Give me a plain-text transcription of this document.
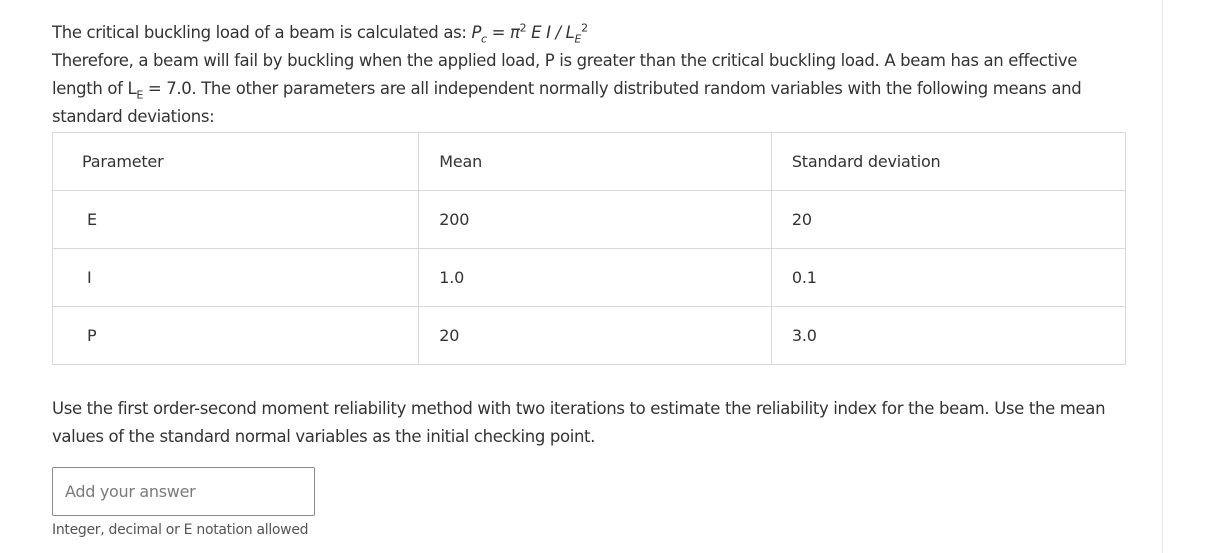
The critical buckling load of a beam is calculated as: $P_c = \pi^2$ E I / $L_E^2$
Therefore, a beam will fail by buckling when the applied load, P is greater than the critical buckling load. A beam has an effective length of $L_E = 7.0$. The other parameters are all independent normally distributed random variables with the following means and standard deviations:

Parameter	Mean	Standard deviation
E	200	20
I	1.0	0.1
P	20	3.0

Use the first order-second moment reliability method with two iterations to estimate the reliability index for the beam. Use the mean values of the standard normal variables as the initial checking point.

Add your answer
Integer, decimal or E notation allowed
